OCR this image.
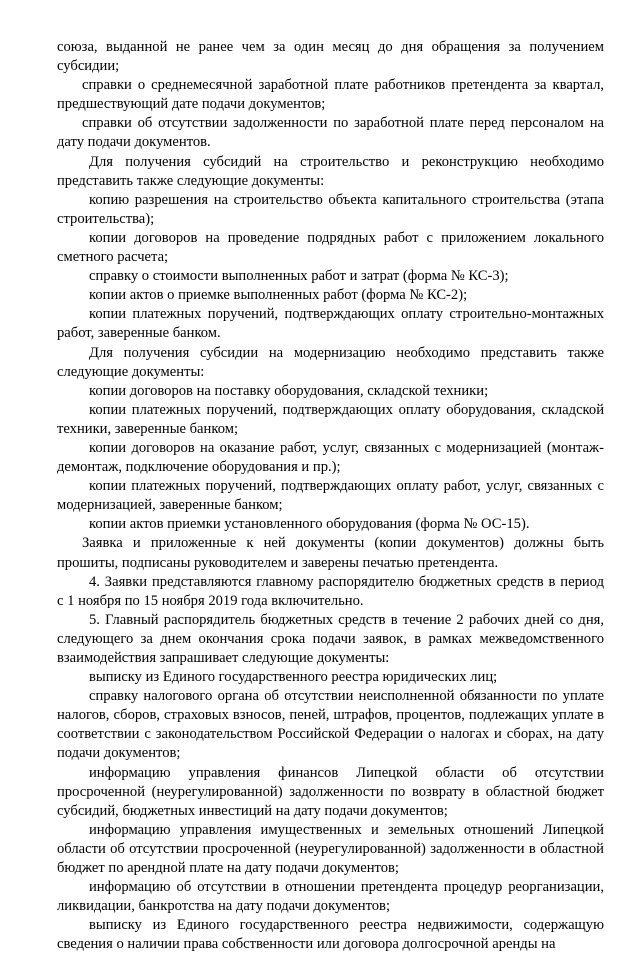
союза, выданной не ранее чем за один месяц до дня обращения за получением субсидии;

справки о среднемесячной заработной плате работников претендента за квартал, предшествующий дате подачи документов;

справки об отсутствии задолженности по заработной плате перед персоналом на дату подачи документов.

Для получения субсидий на строительство и реконструкцию необходимо представить также следующие документы:

копию разрешения на строительство объекта капитального строительства (этапа строительства);

копии договоров на проведение подрядных работ с приложением локального сметного расчета;

справку о стоимости выполненных работ и затрат (форма № КС-3);

копии актов о приемке выполненных работ (форма № КС-2);

копии платежных поручений, подтверждающих оплату строительно-монтажных работ, заверенные банком.

Для получения субсидии на модернизацию необходимо представить также следующие документы:

копии договоров на поставку оборудования, складской техники;

копии платежных поручений, подтверждающих оплату оборудования, складской техники, заверенные банком;

копии договоров на оказание работ, услуг, связанных с модернизацией (монтаж-демонтаж, подключение оборудования и пр.);

копии платежных поручений, подтверждающих оплату работ, услуг, связанных с модернизацией, заверенные банком;

копии актов приемки установленного оборудования (форма № ОС-15).

Заявка и приложенные к ней документы (копии документов) должны быть прошиты, подписаны руководителем и заверены печатью претендента.

4. Заявки представляются главному распорядителю бюджетных средств в период с 1 ноября по 15 ноября 2019 года включительно.

5. Главный распорядитель бюджетных средств в течение 2 рабочих дней со дня, следующего за днем окончания срока подачи заявок, в рамках межведомственного взаимодействия запрашивает следующие документы:

выписку из Единого государственного реестра юридических лиц;

справку налогового органа об отсутствии неисполненной обязанности по уплате налогов, сборов, страховых взносов, пеней, штрафов, процентов, подлежащих уплате в соответствии с законодательством Российской Федерации о налогах и сборах, на дату подачи документов;

информацию управления финансов Липецкой области об отсутствии просроченной (неурегулированной) задолженности по возврату в областной бюджет субсидий, бюджетных инвестиций на дату подачи документов;

информацию управления имущественных и земельных отношений Липецкой области об отсутствии просроченной (неурегулированной) задолженности в областной бюджет по арендной плате на дату подачи документов;

информацию об отсутствии в отношении претендента процедур реорганизации, ликвидации, банкротства на дату подачи документов;

выписку из Единого государственного реестра недвижимости, содержащую сведения о наличии права собственности или договора долгосрочной аренды на
